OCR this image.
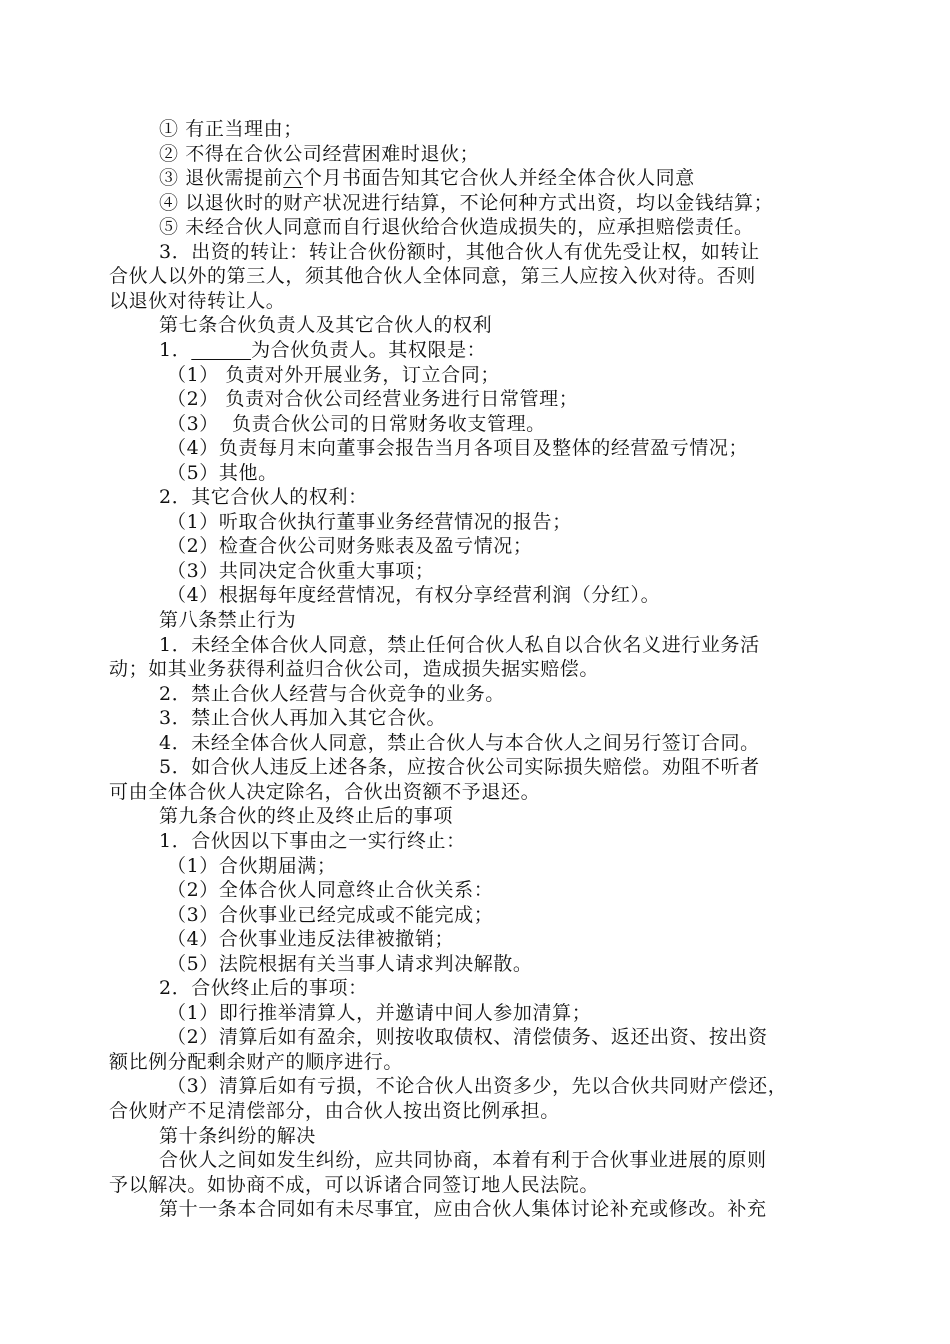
① 有正当理由；
② 不得在合伙公司经营困难时退伙；
③ 退伙需提前六个月书面告知其它合伙人并经全体合伙人同意
④ 以退伙时的财产状况进行结算，不论何种方式出资，均以金钱结算；
⑤ 未经合伙人同意而自行退伙给合伙造成损失的，应承担赔偿责任。
3．出资的转让：转让合伙份额时，其他合伙人有优先受让权，如转让
合伙人以外的第三人，须其他合伙人全体同意，第三人应按入伙对待。否则
以退伙对待转让人。
第七条合伙负责人及其它合伙人的权利
1．	为合伙负责人。其权限是：
（1） 负责对外开展业务，订立合同；
（2） 负责对合伙公司经营业务进行日常管理；
（3）  负责合伙公司的日常财务收支管理。
（4）负责每月末向董事会报告当月各项目及整体的经营盈亏情况；
（5）其他。
2．其它合伙人的权利：
（1）听取合伙执行董事业务经营情况的报告；
（2）检查合伙公司财务账表及盈亏情况；
（3）共同决定合伙重大事项；
（4）根据每年度经营情况，有权分享经营利润（分红）。
第八条禁止行为
1．未经全体合伙人同意，禁止任何合伙人私自以合伙名义进行业务活
动；如其业务获得利益归合伙公司，造成损失据实赔偿。
2．禁止合伙人经营与合伙竞争的业务。
3．禁止合伙人再加入其它合伙。
4．未经全体合伙人同意，禁止合伙人与本合伙人之间另行签订合同。
5．如合伙人违反上述各条，应按合伙公司实际损失赔偿。劝阻不听者
可由全体合伙人决定除名，合伙出资额不予退还。
第九条合伙的终止及终止后的事项
1．合伙因以下事由之一实行终止：
（1）合伙期届满；
（2）全体合伙人同意终止合伙关系：
（3）合伙事业已经完成或不能完成；
（4）合伙事业违反法律被撤销；
（5）法院根据有关当事人请求判决解散。
2．合伙终止后的事项：
（1）即行推举清算人，并邀请中间人参加清算；
（2）清算后如有盈余，则按收取债权、清偿债务、返还出资、按出资
额比例分配剩余财产的顺序进行。
（3）清算后如有亏损，不论合伙人出资多少，先以合伙共同财产偿还，
合伙财产不足清偿部分，由合伙人按出资比例承担。
第十条纠纷的解决
合伙人之间如发生纠纷，应共同协商，本着有利于合伙事业进展的原则
予以解决。如协商不成，可以诉诸合同签订地人民法院。
第十一条本合同如有未尽事宜，应由合伙人集体讨论补充或修改。补充
